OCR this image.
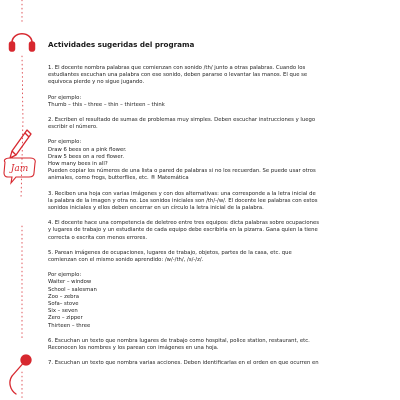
Jam
Actividades sugeridas del programa
1. El docente nombra palabras que comienzan con sonido /th/ junto a otras palabras. Cuando los
estudiantes escuchan una palabra con ese sonido, deben pararse o levantar las manos. El que se
equivoca pierde y no sigue jugando.
Por ejemplo:
Thumb – this – three – thin – thirteen – think
2. Escriben el resultado de sumas de problemas muy simples. Deben escuchar instrucciones y luego
escribir el número.
Por ejemplo:
Draw 6 bees on a pink flower.
Draw 5 bees on a red flower.
How many bees in all?
Pueden copiar los números de una lista o pared de palabras si no los recuerdan. Se puede usar otros
animales, como frogs, butterflies, etc. ® Matemática
3. Reciben una hoja con varias imágenes y con dos alternativas: una corresponde a la letra inicial de
la palabra de la imagen y otra no. Los sonidos iniciales son /th/-/w/. El docente lee palabras con estos
sonidos iniciales y ellos deben encerrar en un círculo la letra inicial de la palabra.
4. El docente hace una competencia de deletreo entre tres equipos: dicta palabras sobre ocupaciones
y lugares de trabajo y un estudiante de cada equipo debe escribirla en la pizarra. Gana quien la tiene
correcta o escrita con menos errores.
5. Parean imágenes de ocupaciones, lugares de trabajo, objetos, partes de la casa, etc. que
comienzan con el mismo sonido aprendido: /w/-/th/, /s/-/z/.
Por ejemplo:
Waiter – window
School – salesman
Zoo – zebra
Sofa– stove
Six – seven
Zero – zipper
Thirteen – three
6. Escuchan un texto que nombra lugares de trabajo como hospital, police station, restaurant, etc.
Reconocen los nombres y los parean con imágenes en una hoja.
7. Escuchan un texto que nombra varias acciones. Deben identificarlas en el orden en que ocurren en
